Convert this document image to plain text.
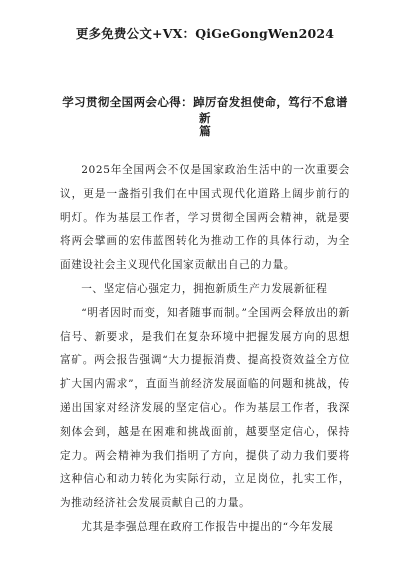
更多免费公文+VX：QiGeGongWen2024
学习贯彻全国两会心得：踔厉奋发担使命，笃行不怠谱新
篇

2025年全国两会不仅是国家政治生活中的一次重要会议，更是一盏指引我们在中国式现代化道路上阔步前行的明灯。作为基层工作者，学习贯彻全国两会精神，就是要将两会擘画的宏伟蓝图转化为推动工作的具体行动，为全面建设社会主义现代化国家贡献出自己的力量。

一、坚定信心强定力，拥抱新质生产力发展新征程

“明者因时而变，知者随事而制。”全国两会释放出的新信号、新要求，是我们在复杂环境中把握发展方向的思想富矿。两会报告强调“大力提振消费、提高投资效益全方位扩大国内需求”，直面当前经济发展面临的问题和挑战，传递出国家对经济发展的坚定信心。作为基层工作者，我深刻体会到，越是在困难和挑战面前，越要坚定信心，保持定力。两会精神为我们指明了方向，提供了动力我们要将这种信心和动力转化为实际行动，立足岗位，扎实工作，为推动经济社会发展贡献自己的力量。

尤其是李强总理在政府工作报告中提出的“今年发展
